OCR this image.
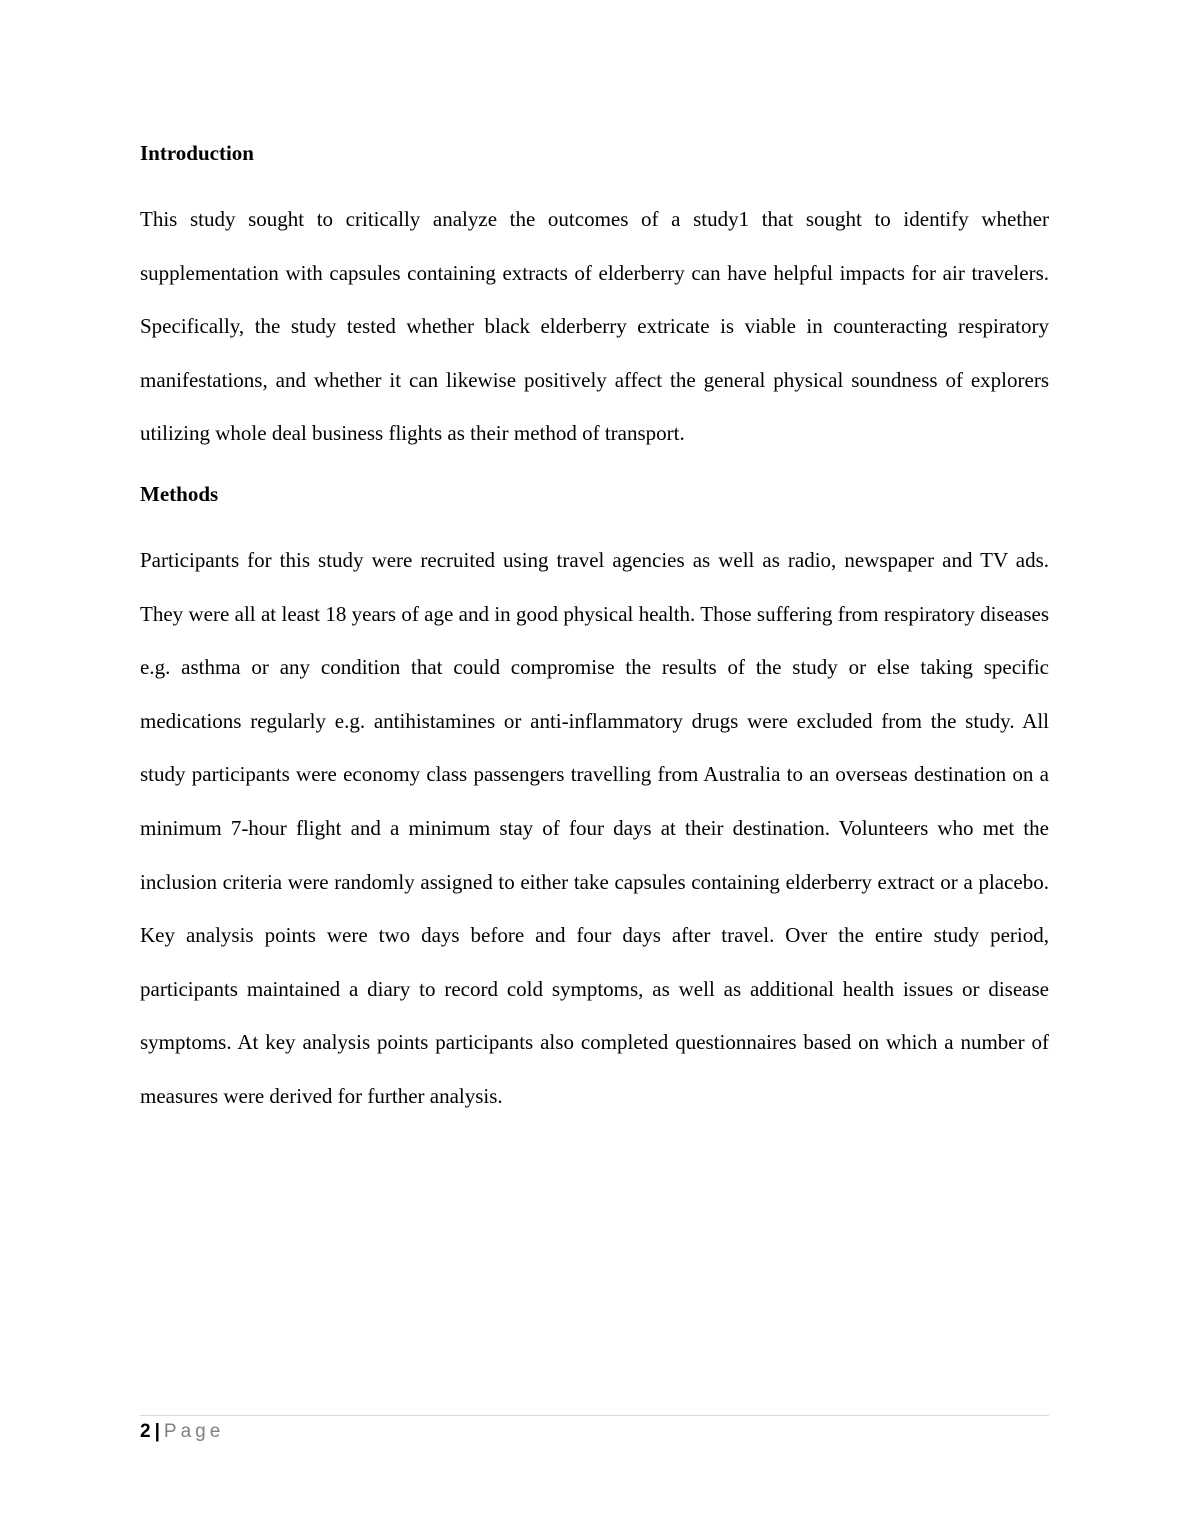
Introduction

This study sought to critically analyze the outcomes of a study1 that sought to identify whether supplementation with capsules containing extracts of elderberry can have helpful impacts for air travelers. Specifically, the study tested whether black elderberry extricate is viable in counteracting respiratory manifestations, and whether it can likewise positively affect the general physical soundness of explorers utilizing whole deal business flights as their method of transport.

Methods

Participants for this study were recruited using travel agencies as well as radio, newspaper and TV ads. They were all at least 18 years of age and in good physical health. Those suffering from respiratory diseases e.g. asthma or any condition that could compromise the results of the study or else taking specific medications regularly e.g. antihistamines or anti-inflammatory drugs were excluded from the study. All study participants were economy class passengers travelling from Australia to an overseas destination on a minimum 7-hour flight and a minimum stay of four days at their destination. Volunteers who met the inclusion criteria were randomly assigned to either take capsules containing elderberry extract or a placebo. Key analysis points were two days before and four days after travel. Over the entire study period, participants maintained a diary to record cold symptoms, as well as additional health issues or disease symptoms. At key analysis points participants also completed questionnaires based on which a number of measures were derived for further analysis.

2 | Page
